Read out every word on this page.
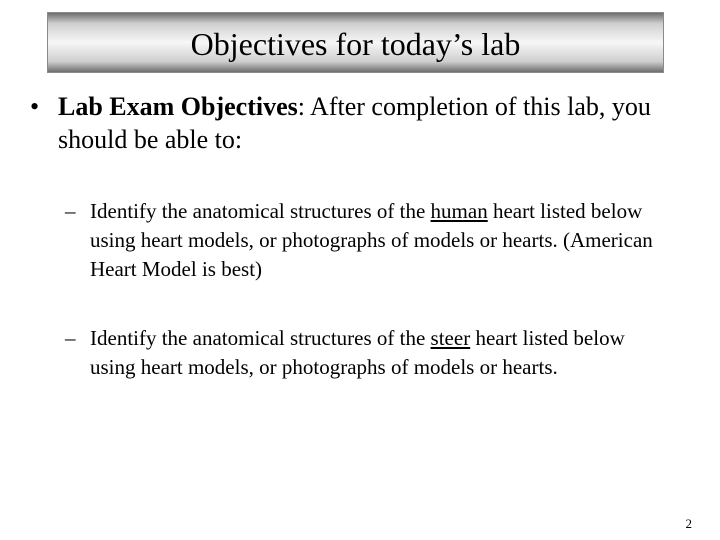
Objectives for today’s lab
• Lab Exam Objectives: After completion of this lab, you should be able to:
– Identify the anatomical structures of the human heart listed below using heart models, or photographs of models or hearts. (American Heart Model is best)
– Identify the anatomical structures of the steer heart listed below using heart models, or photographs of models or hearts.
2
